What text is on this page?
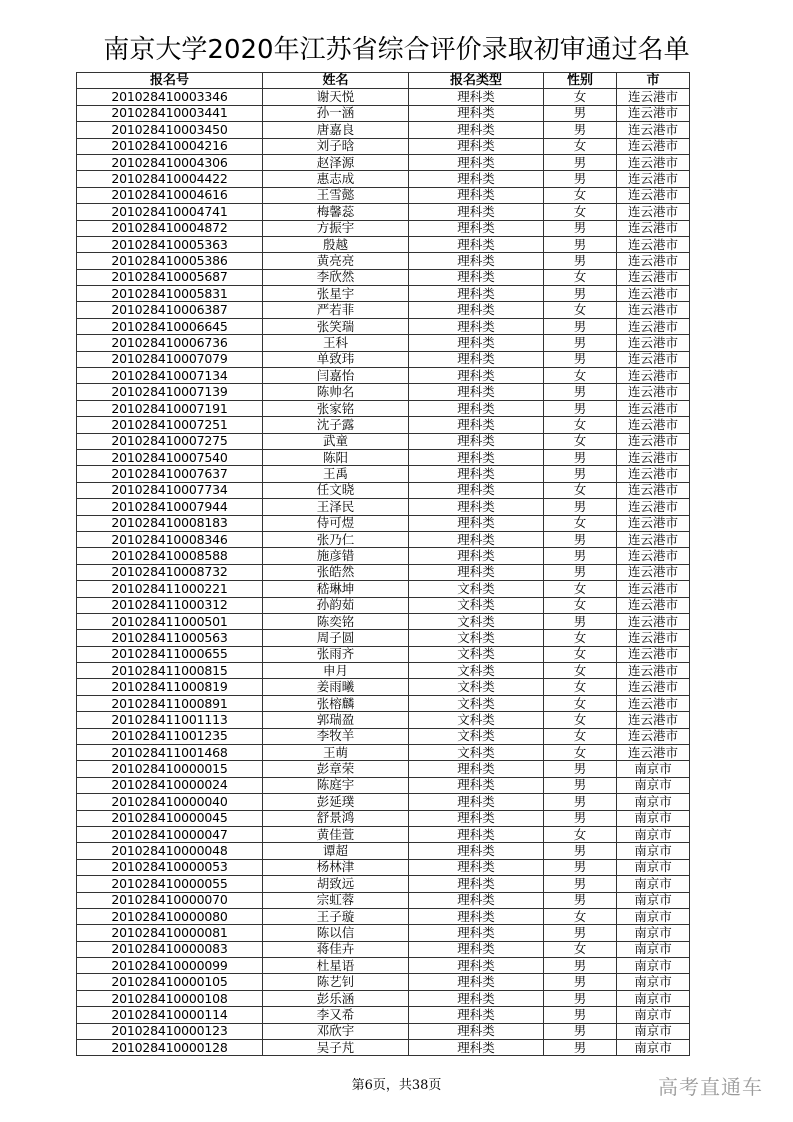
南京大学2020年江苏省综合评价录取初审通过名单
报名号	姓名	报名类型	性别	市
201028410003346	谢天悦	理科类	女	连云港市
201028410003441	孙一涵	理科类	男	连云港市
201028410003450	唐嘉良	理科类	男	连云港市
201028410004216	刘子晗	理科类	女	连云港市
201028410004306	赵泽源	理科类	男	连云港市
201028410004422	惠志成	理科类	男	连云港市
201028410004616	王雪懿	理科类	女	连云港市
201028410004741	梅馨蕊	理科类	女	连云港市
201028410004872	方振宇	理科类	男	连云港市
201028410005363	殷越	理科类	男	连云港市
201028410005386	黄亮亮	理科类	男	连云港市
201028410005687	李欣然	理科类	女	连云港市
201028410005831	张星宇	理科类	男	连云港市
201028410006387	严若菲	理科类	女	连云港市
201028410006645	张笑瑞	理科类	男	连云港市
201028410006736	王科	理科类	男	连云港市
201028410007079	单致玮	理科类	男	连云港市
201028410007134	闫嘉怡	理科类	女	连云港市
201028410007139	陈帅名	理科类	男	连云港市
201028410007191	张家铭	理科类	男	连云港市
201028410007251	沈子露	理科类	女	连云港市
201028410007275	武童	理科类	女	连云港市
201028410007540	陈阳	理科类	男	连云港市
201028410007637	王禹	理科类	男	连云港市
201028410007734	任文晓	理科类	女	连云港市
201028410007944	王泽民	理科类	男	连云港市
201028410008183	侍可煜	理科类	女	连云港市
201028410008346	张乃仁	理科类	男	连云港市
201028410008588	施彦错	理科类	男	连云港市
201028410008732	张皓然	理科类	男	连云港市
201028411000221	嵇琳坤	文科类	女	连云港市
201028411000312	孙韵茹	文科类	女	连云港市
201028411000501	陈奕铭	文科类	男	连云港市
201028411000563	周子圆	文科类	女	连云港市
201028411000655	张雨齐	文科类	女	连云港市
201028411000815	申月	文科类	女	连云港市
201028411000819	姜雨曦	文科类	女	连云港市
201028411000891	张榕麟	文科类	女	连云港市
201028411001113	郭瑞盈	文科类	女	连云港市
201028411001235	李牧羊	文科类	女	连云港市
201028411001468	王萌	文科类	女	连云港市
201028410000015	彭章荣	理科类	男	南京市
201028410000024	陈庭宇	理科类	男	南京市
201028410000040	彭延璞	理科类	男	南京市
201028410000045	舒景鸿	理科类	男	南京市
201028410000047	黄佳萱	理科类	女	南京市
201028410000048	谭超	理科类	男	南京市
201028410000053	杨林津	理科类	男	南京市
201028410000055	胡致远	理科类	男	南京市
201028410000070	宗虹蓉	理科类	男	南京市
201028410000080	王子璇	理科类	女	南京市
201028410000081	陈以信	理科类	男	南京市
201028410000083	蒋佳卉	理科类	女	南京市
201028410000099	杜星语	理科类	男	南京市
201028410000105	陈艺钊	理科类	男	南京市
201028410000108	彭乐涵	理科类	男	南京市
201028410000114	李又希	理科类	男	南京市
201028410000123	邓欣宇	理科类	男	南京市
201028410000128	吴子芃	理科类	男	南京市
第6页，共38页	高考直通车
